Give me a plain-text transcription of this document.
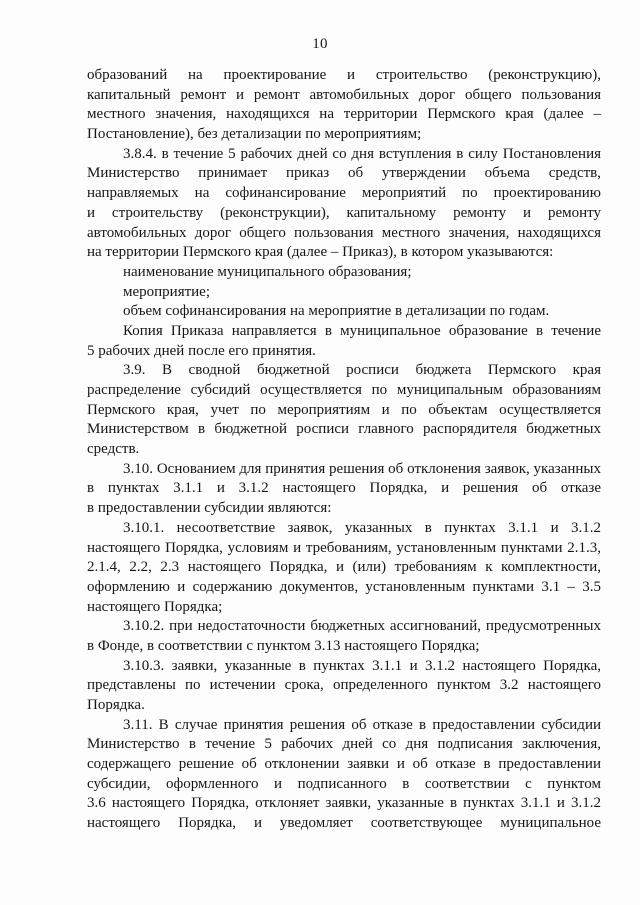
10
образований на проектирование и строительство (реконструкцию),
капитальный ремонт и ремонт автомобильных дорог общего пользования
местного значения, находящихся на территории Пермского края (далее –
Постановление), без детализации по мероприятиям;
3.8.4. в течение 5 рабочих дней со дня вступления в силу Постановления
Министерство принимает приказ об утверждении объема средств,
направляемых на софинансирование мероприятий по проектированию
и строительству (реконструкции), капитальному ремонту и ремонту
автомобильных дорог общего пользования местного значения, находящихся
на территории Пермского края (далее – Приказ), в котором указываются:
наименование муниципального образования;
мероприятие;
объем софинансирования на мероприятие в детализации по годам.
Копия Приказа направляется в муниципальное образование в течение
5 рабочих дней после его принятия.
3.9. В сводной бюджетной росписи бюджета Пермского края
распределение субсидий осуществляется по муниципальным образованиям
Пермского края, учет по мероприятиям и по объектам осуществляется
Министерством в бюджетной росписи главного распорядителя бюджетных
средств.
3.10. Основанием для принятия решения об отклонения заявок, указанных
в пунктах 3.1.1 и 3.1.2 настоящего Порядка, и решения об отказе
в предоставлении субсидии являются:
3.10.1. несоответствие заявок, указанных в пунктах 3.1.1 и 3.1.2
настоящего Порядка, условиям и требованиям, установленным пунктами 2.1.3,
2.1.4, 2.2, 2.3 настоящего Порядка, и (или) требованиям к комплектности,
оформлению и содержанию документов, установленным пунктами 3.1 – 3.5
настоящего Порядка;
3.10.2. при недостаточности бюджетных ассигнований, предусмотренных
в Фонде, в соответствии с пунктом 3.13 настоящего Порядка;
3.10.3. заявки, указанные в пунктах 3.1.1 и 3.1.2 настоящего Порядка,
представлены по истечении срока, определенного пунктом 3.2 настоящего
Порядка.
3.11. В случае принятия решения об отказе в предоставлении субсидии
Министерство в течение 5 рабочих дней со дня подписания заключения,
содержащего решение об отклонении заявки и об отказе в предоставлении
субсидии, оформленного и подписанного в соответствии с пунктом
3.6 настоящего Порядка, отклоняет заявки, указанные в пунктах 3.1.1 и 3.1.2
настоящего Порядка, и уведомляет соответствующее муниципальное
